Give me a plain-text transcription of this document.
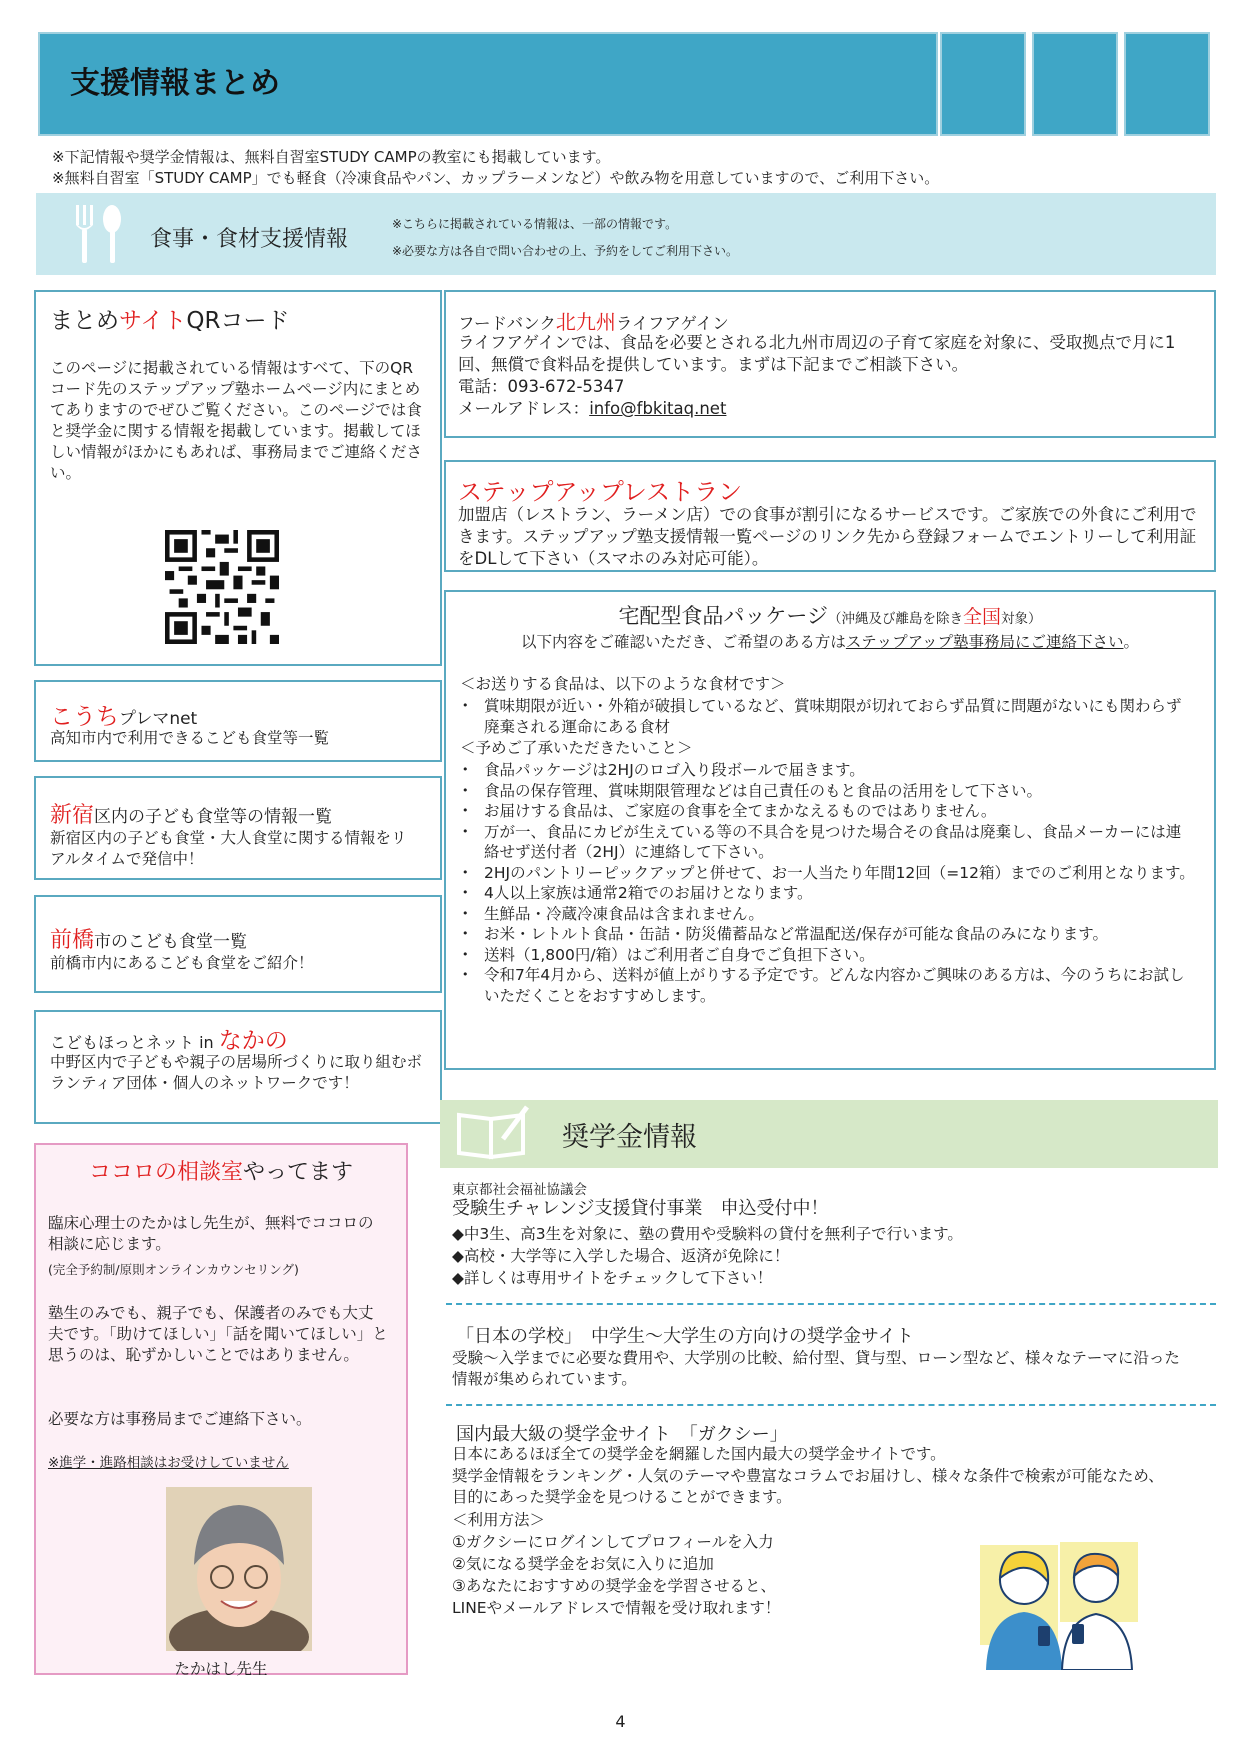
支援情報まとめ
※下記情報や奨学金情報は、無料自習室STUDY CAMPの教室にも掲載しています。
※無料自習室「STUDY CAMP」でも軽食（冷凍食品やパン、カップラーメンなど）や飲み物を用意していますので、ご利用下さい。
食事・食材支援情報
※こちらに掲載されている情報は、一部の情報です。
※必要な方は各自で問い合わせの上、予約をしてご利用下さい。
まとめサイトQRコード
このページに掲載されている情報はすべて、下のQRコード先のステップアップ塾ホームページ内にまとめてありますのでぜひご覧ください。このページでは食と奨学金に関する情報を掲載しています。掲載してほしい情報がほかにもあれば、事務局までご連絡ください。
こうちプレマnet
高知市内で利用できるこども食堂等一覧
新宿区内の子ども食堂等の情報一覧
新宿区内の子ども食堂・大人食堂に関する情報をリアルタイムで発信中！
前橋市のこども食堂一覧
前橋市内にあるこども食堂をご紹介！
こどもほっとネット in なかの
中野区内で子どもや親子の居場所づくりに取り組むボランティア団体・個人のネットワークです！
ココロの相談室やってます
臨床心理士のたかはし先生が、無料でココロの相談に応じます。
(完全予約制/原則オンラインカウンセリング)
塾生のみでも、親子でも、保護者のみでも大丈夫です。「助けてほしい」「話を聞いてほしい」と思うのは、恥ずかしいことではありません。
必要な方は事務局までご連絡下さい。
※進学・進路相談はお受けしていません
たかはし先生
フードバンク北九州ライフアゲイン
ライフアゲインでは、食品を必要とされる北九州市周辺の子育て家庭を対象に、受取拠点で月に1回、無償で食料品を提供しています。まずは下記までご相談下さい。
電話：093-672-5347
メールアドレス：info@fbkitaq.net
ステップアップレストラン
加盟店（レストラン、ラーメン店）での食事が割引になるサービスです。ご家族での外食にご利用できます。ステップアップ塾支援情報一覧ページのリンク先から登録フォームでエントリーして利用証をDLして下さい（スマホのみ対応可能）。
宅配型食品パッケージ（沖縄及び離島を除き全国対象）
以下内容をご確認いただき、ご希望のある方はステップアップ塾事務局にご連絡下さい。
＜お送りする食品は、以下のような食材です＞
• 賞味期限が近い・外箱が破損しているなど、賞味期限が切れておらず品質に問題がないにも関わらず廃棄される運命にある食材
＜予めご了承いただきたいこと＞
• 食品パッケージは2HJのロゴ入り段ボールで届きます。
• 食品の保存管理、賞味期限管理などは自己責任のもと食品の活用をして下さい。
• お届けする食品は、ご家庭の食事を全てまかなえるものではありません。
• 万が一、食品にカビが生えている等の不具合を見つけた場合その食品は廃棄し、食品メーカーには連絡せず送付者（2HJ）に連絡して下さい。
• 2HJのパントリーピックアップと併せて、お一人当たり年間12回（=12箱）までのご利用となります。
• 4人以上家族は通常2箱でのお届けとなります。
• 生鮮品・冷蔵冷凍食品は含まれません。
• お米・レトルト食品・缶詰・防災備蓄品など常温配送/保存が可能な食品のみになります。
• 送料（1,800円/箱）はご利用者ご自身でご負担下さい。
• 令和7年4月から、送料が値上がりする予定です。どんな内容かご興味のある方は、今のうちにお試しいただくことをおすすめします。
奨学金情報
東京都社会福祉協議会
受験生チャレンジ支援貸付事業　申込受付中！
◆中3生、高3生を対象に、塾の費用や受験料の貸付を無利子で行います。
◆高校・大学等に入学した場合、返済が免除に！
◆詳しくは専用サイトをチェックして下さい！
「日本の学校」　中学生～大学生の方向けの奨学金サイト
受験～入学までに必要な費用や、大学別の比較、給付型、貸与型、ローン型など、様々なテーマに沿った情報が集められています。
国内最大級の奨学金サイト　「ガクシー」
日本にあるほぼ全ての奨学金を網羅した国内最大の奨学金サイトです。
奨学金情報をランキング・人気のテーマや豊富なコラムでお届けし、様々な条件で検索が可能なため、目的にあった奨学金を見つけることができます。
＜利用方法＞
①ガクシーにログインしてプロフィールを入力
②気になる奨学金をお気に入りに追加
③あなたにおすすめの奨学金を学習させると、
LINEやメールアドレスで情報を受け取れます！
4
